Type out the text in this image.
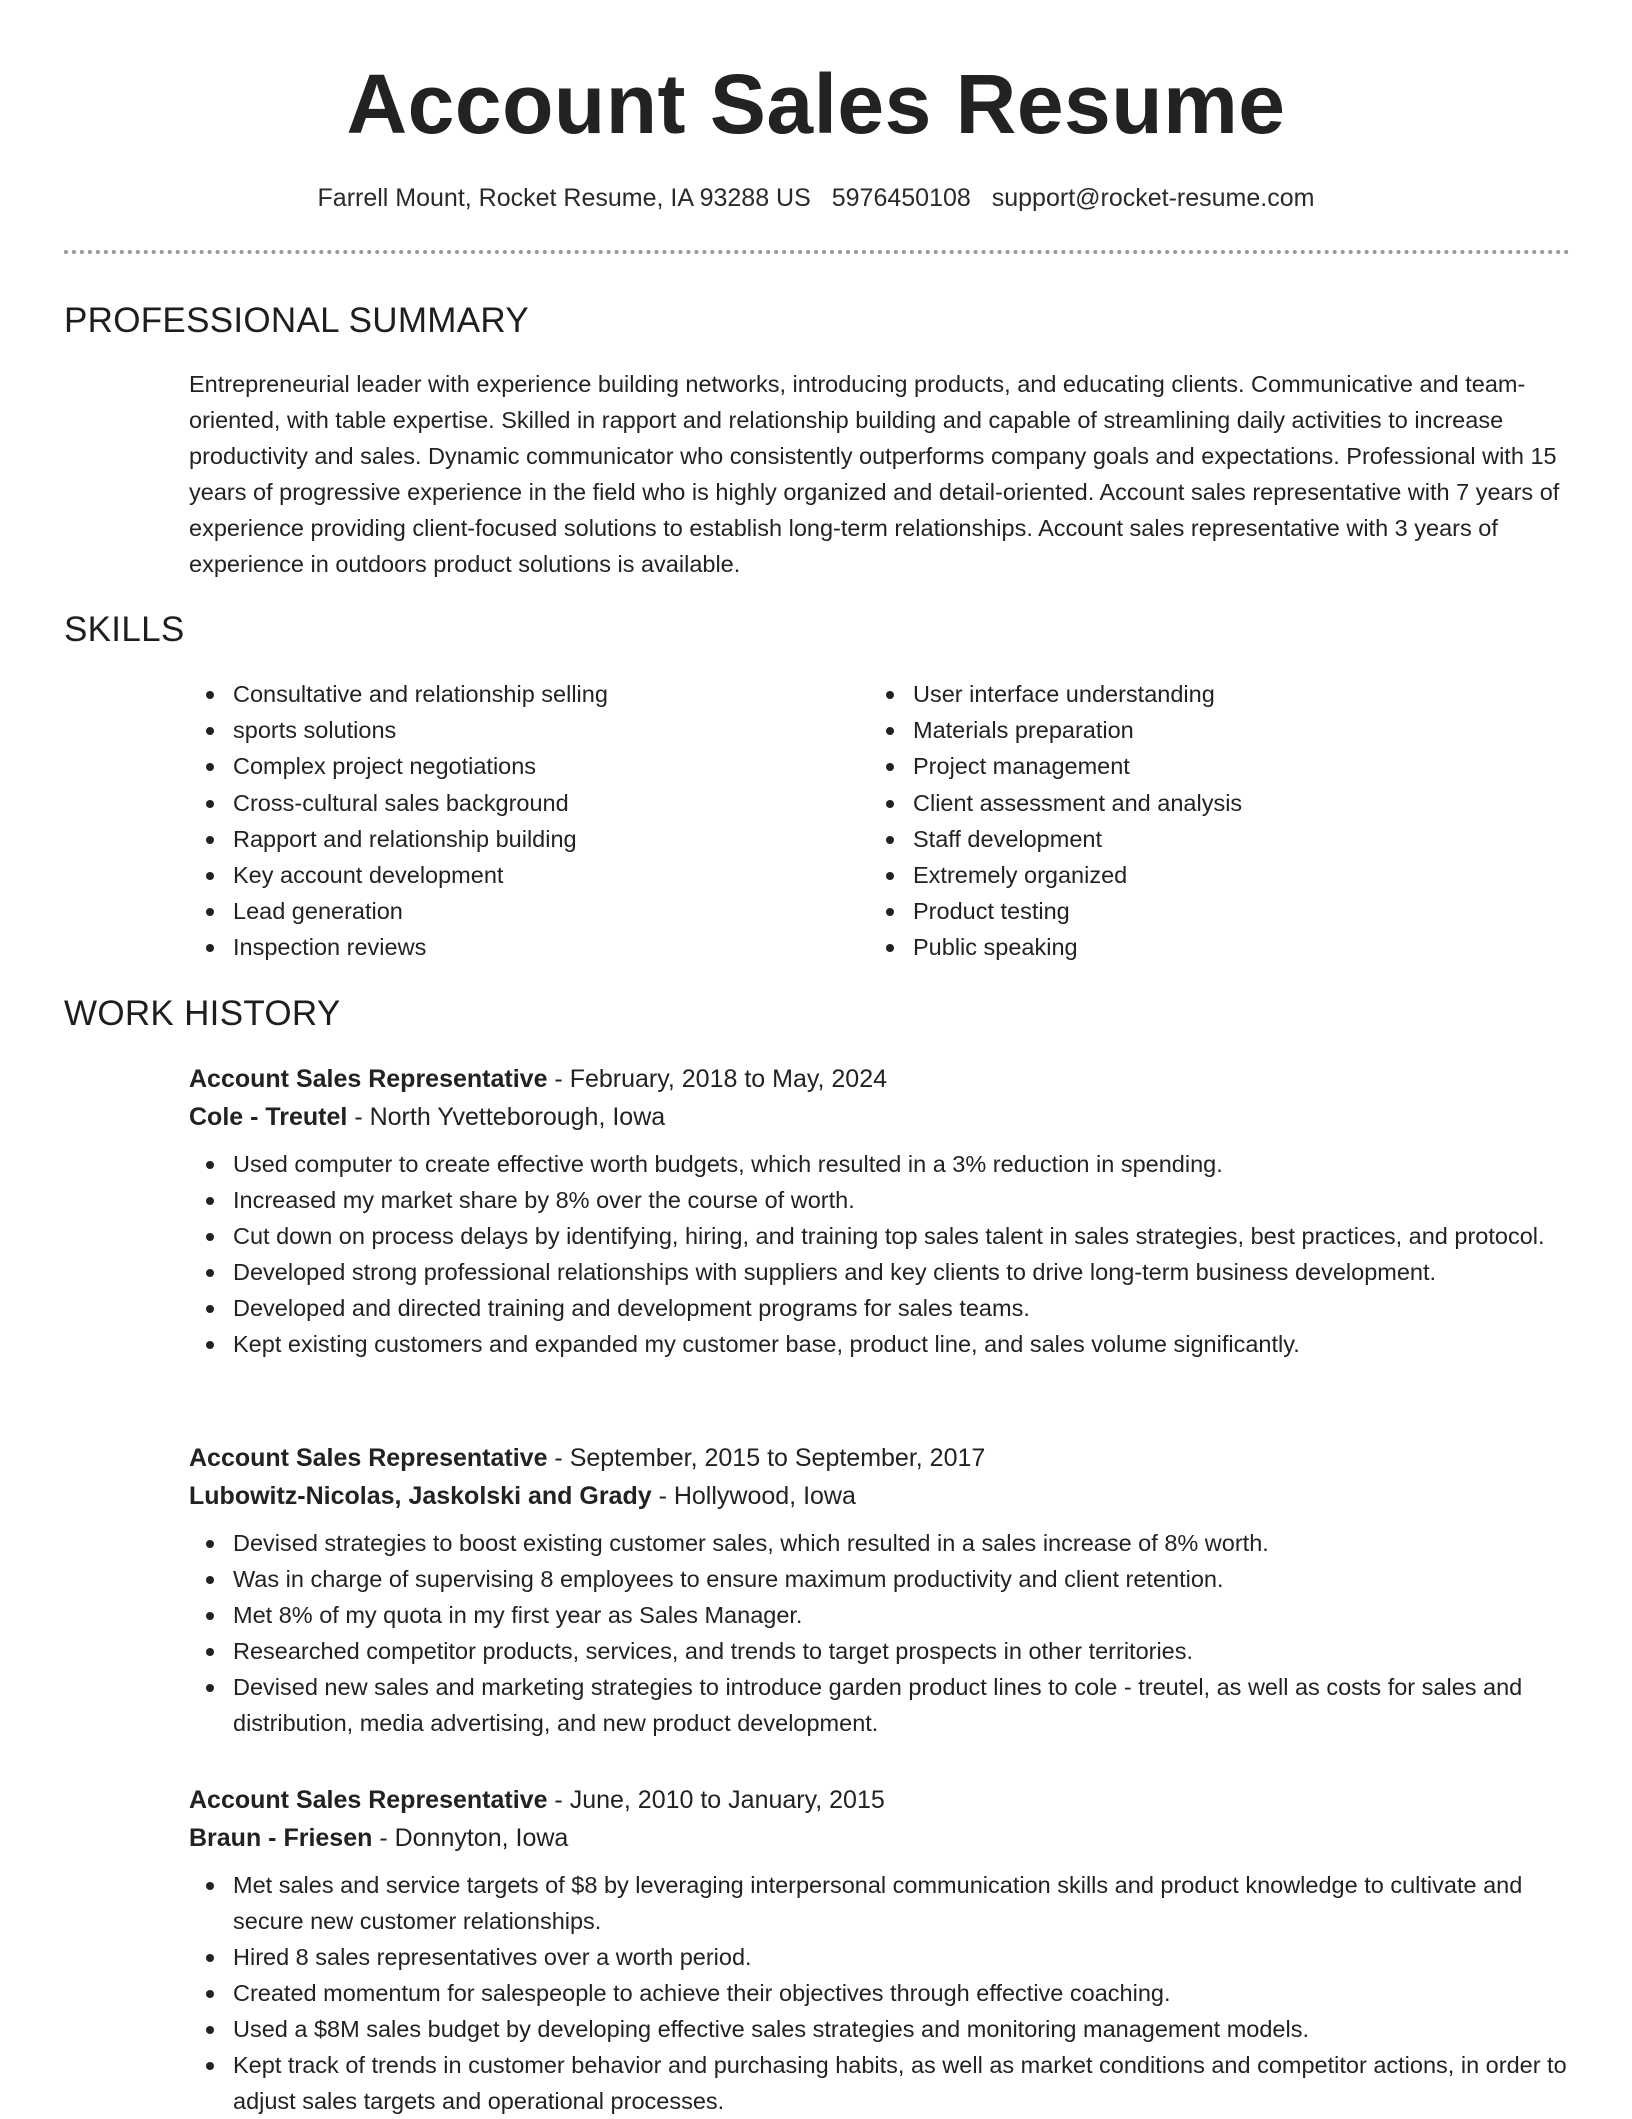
Account Sales Resume
Farrell Mount, Rocket Resume, IA 93288 US 5976450108 support@rocket-resume.com
PROFESSIONAL SUMMARY
Entrepreneurial leader with experience building networks, introducing products, and educating clients. Communicative and team-oriented, with table expertise. Skilled in rapport and relationship building and capable of streamlining daily activities to increase productivity and sales. Dynamic communicator who consistently outperforms company goals and expectations. Professional with 15 years of progressive experience in the field who is highly organized and detail-oriented. Account sales representative with 7 years of experience providing client-focused solutions to establish long-term relationships. Account sales representative with 3 years of experience in outdoors product solutions is available.
SKILLS
Consultative and relationship selling
sports solutions
Complex project negotiations
Cross-cultural sales background
Rapport and relationship building
Key account development
Lead generation
Inspection reviews
User interface understanding
Materials preparation
Project management
Client assessment and analysis
Staff development
Extremely organized
Product testing
Public speaking
WORK HISTORY
Account Sales Representative - February, 2018 to May, 2024
Cole - Treutel - North Yvetteborough, Iowa
Used computer to create effective worth budgets, which resulted in a 3% reduction in spending.
Increased my market share by 8% over the course of worth.
Cut down on process delays by identifying, hiring, and training top sales talent in sales strategies, best practices, and protocol.
Developed strong professional relationships with suppliers and key clients to drive long-term business development.
Developed and directed training and development programs for sales teams.
Kept existing customers and expanded my customer base, product line, and sales volume significantly.
Account Sales Representative - September, 2015 to September, 2017
Lubowitz-Nicolas, Jaskolski and Grady - Hollywood, Iowa
Devised strategies to boost existing customer sales, which resulted in a sales increase of 8% worth.
Was in charge of supervising 8 employees to ensure maximum productivity and client retention.
Met 8% of my quota in my first year as Sales Manager.
Researched competitor products, services, and trends to target prospects in other territories.
Devised new sales and marketing strategies to introduce garden product lines to cole - treutel, as well as costs for sales and distribution, media advertising, and new product development.
Account Sales Representative - June, 2010 to January, 2015
Braun - Friesen - Donnyton, Iowa
Met sales and service targets of $8 by leveraging interpersonal communication skills and product knowledge to cultivate and secure new customer relationships.
Hired 8 sales representatives over a worth period.
Created momentum for salespeople to achieve their objectives through effective coaching.
Used a $8M sales budget by developing effective sales strategies and monitoring management models.
Kept track of trends in customer behavior and purchasing habits, as well as market conditions and competitor actions, in order to adjust sales targets and operational processes.
